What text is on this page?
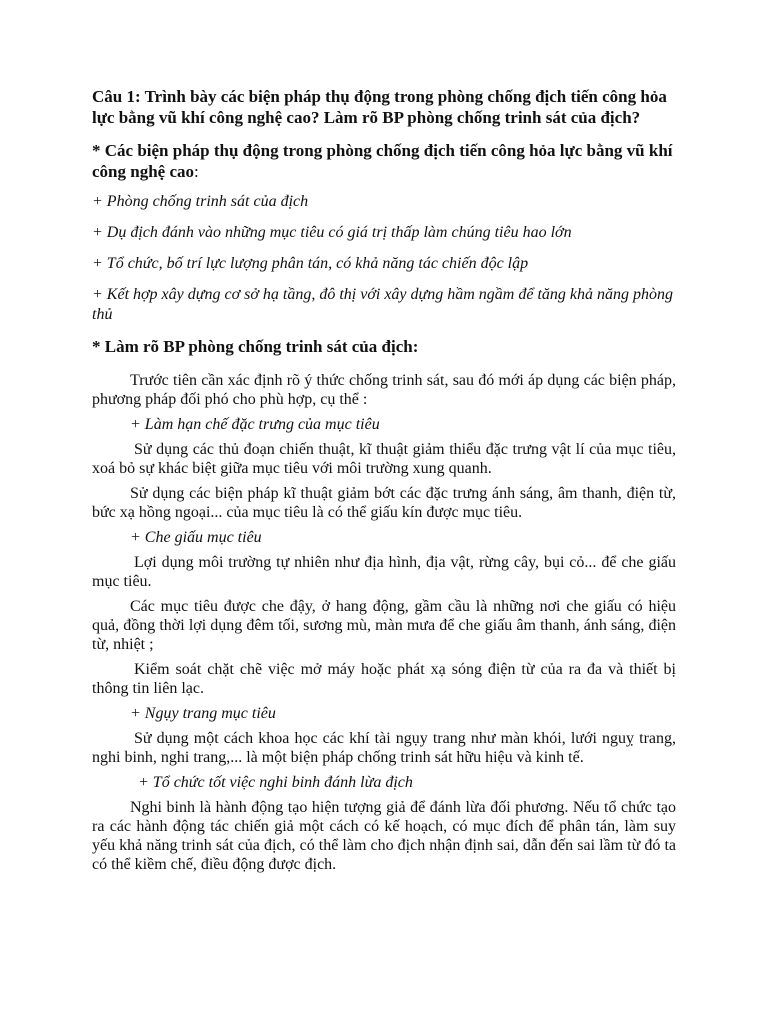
Câu 1: Trình bày các biện pháp thụ động trong phòng chống địch tiến công hỏa lực bằng vũ khí công nghệ cao? Làm rõ BP phòng chống trinh sát của địch?

* Các biện pháp thụ động trong phòng chống địch tiến công hỏa lực bằng vũ khí công nghệ cao:

+ Phòng chống trinh sát của địch

+ Dụ địch đánh vào những mục tiêu có giá trị thấp làm chúng tiêu hao lớn

+ Tổ chức, bố trí lực lượng phân tán, có khả năng tác chiến độc lập

+ Kết hợp xây dựng cơ sở hạ tầng, đô thị với xây dựng hầm ngầm để tăng khả năng phòng thủ

* Làm rõ BP phòng chống trinh sát của địch:

Trước tiên cần xác định rõ ý thức chống trinh sát, sau đó mới áp dụng các biện pháp, phương pháp đối phó cho phù hợp, cụ thể :

+ Làm hạn chế đặc trưng của mục tiêu

Sử dụng các thủ đoạn chiến thuật, kĩ thuật giảm thiểu đặc trưng vật lí của mục tiêu, xoá bỏ sự khác biệt giữa mục tiêu với môi trường xung quanh.

Sử dụng các biện pháp kĩ thuật giảm bớt các đặc trưng ánh sáng, âm thanh, điện từ, bức xạ hồng ngoại... của mục tiêu là có thể giấu kín được mục tiêu.

+ Che giấu mục tiêu

Lợi dụng môi trường tự nhiên như địa hình, địa vật, rừng cây, bụi cỏ... để che giấu mục tiêu.

Các mục tiêu được che đậy, ở hang động, gầm cầu là những nơi che giấu có hiệu quả, đồng thời lợi dụng đêm tối, sương mù, màn mưa để che giấu âm thanh, ánh sáng, điện từ, nhiệt ;

Kiểm soát chặt chẽ việc mở máy hoặc phát xạ sóng điện từ của ra đa và thiết bị thông tin liên lạc.

+ Ngụy trang mục tiêu

Sử dụng một cách khoa học các khí tài ngụy trang như màn khói, lưới nguỵ trang, nghi binh, nghi trang,... là một biện pháp chống trinh sát hữu hiệu và kinh tế.

+ Tổ chức tốt việc nghi binh đánh lừa địch

Nghi binh là hành động tạo hiện tượng giả để đánh lừa đối phương. Nếu tổ chức tạo ra các hành động tác chiến giả một cách có kế hoạch, có mục đích để phân tán, làm suy yếu khả năng trinh sát của địch, có thể làm cho địch nhận định sai, dẫn đến sai lầm từ đó ta có thể kiềm chế, điều động được địch.
